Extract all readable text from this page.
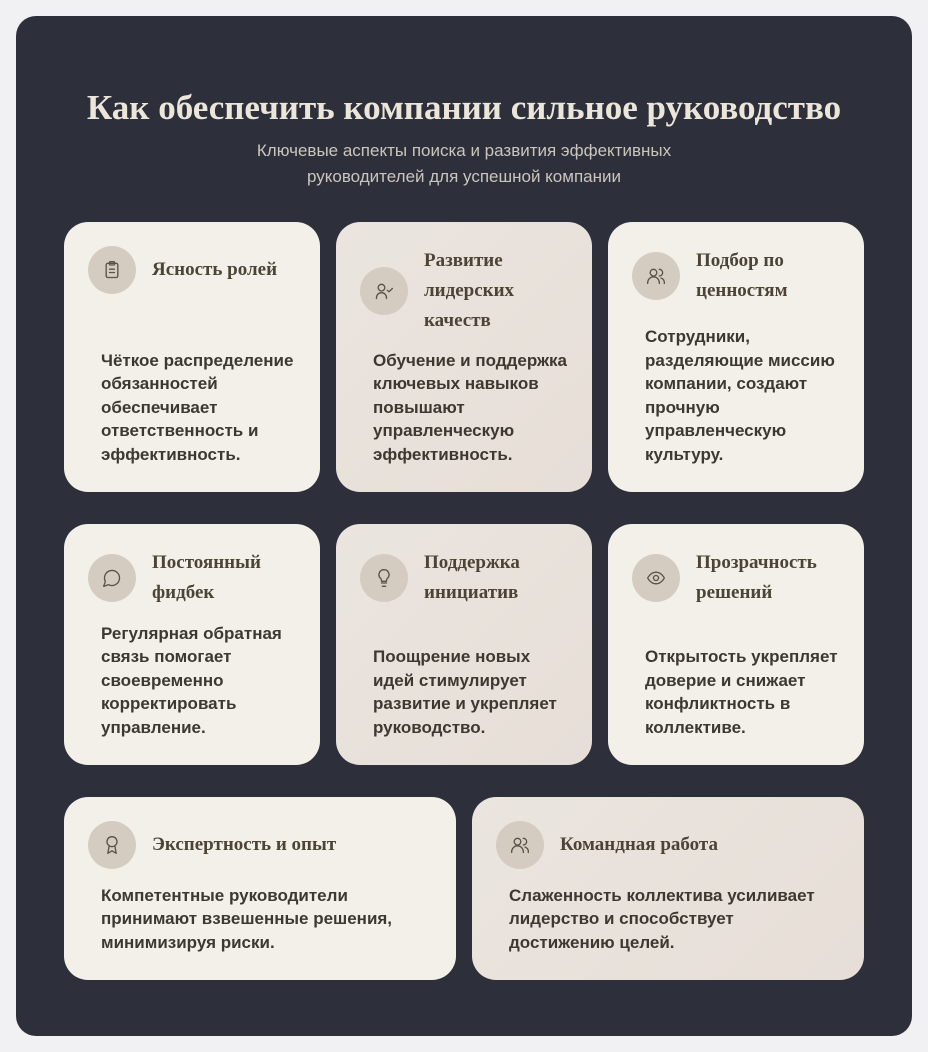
Как обеспечить компании сильное руководство

Ключевые аспекты поиска и развития эффективных руководителей для успешной компании

Ясность ролей
Чёткое распределение обязанностей обеспечивает ответственность и эффективность.
Развитие лидерских качеств
Обучение и поддержка ключевых навыков повышают управленческую эффективность.
Подбор по ценностям
Сотрудники, разделяющие миссию компании, создают прочную управленческую культуру.
Постоянный фидбек
Регулярная обратная связь помогает своевременно корректировать управление.
Поддержка инициатив
Поощрение новых идей стимулирует развитие и укрепляет руководство.
Прозрачность решений
Открытость укрепляет доверие и снижает конфликтность в коллективе.
Экспертность и опыт
Компетентные руководители принимают взвешенные решения, минимизируя риски.
Командная работа
Слаженность коллектива усиливает лидерство и способствует достижению целей.
